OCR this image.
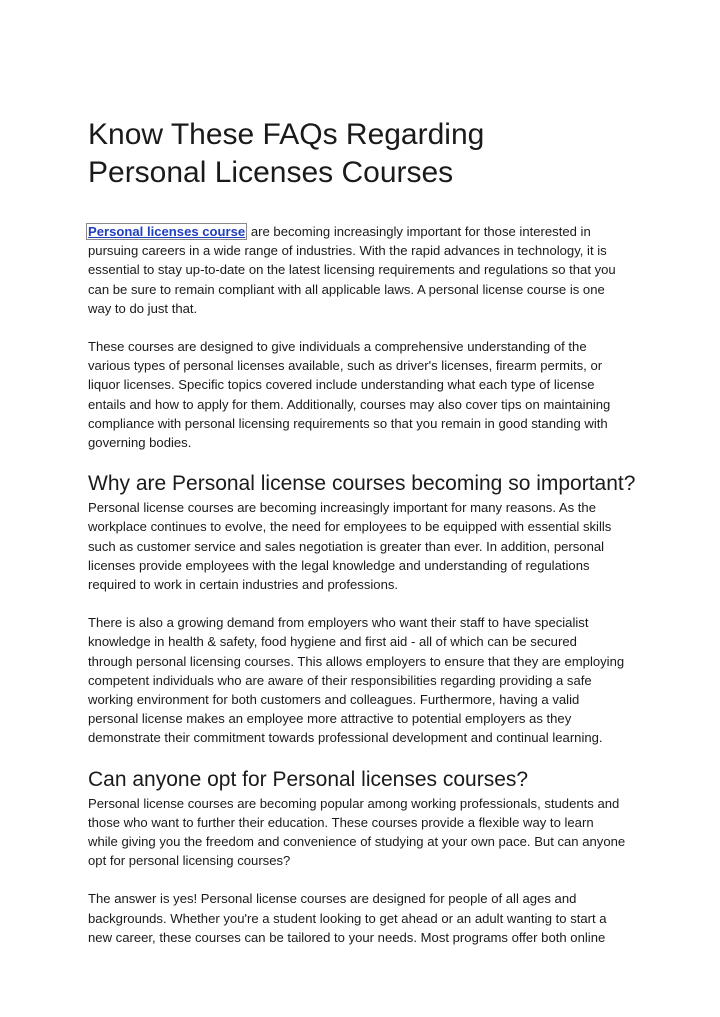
Know These FAQs Regarding
Personal Licenses Courses
Personal licenses course are becoming increasingly important for those interested in
pursuing careers in a wide range of industries. With the rapid advances in technology, it is
essential to stay up-to-date on the latest licensing requirements and regulations so that you
can be sure to remain compliant with all applicable laws. A personal license course is one
way to do just that.
These courses are designed to give individuals a comprehensive understanding of the
various types of personal licenses available, such as driver's licenses, firearm permits, or
liquor licenses. Specific topics covered include understanding what each type of license
entails and how to apply for them. Additionally, courses may also cover tips on maintaining
compliance with personal licensing requirements so that you remain in good standing with
governing bodies.
Why are Personal license courses becoming so important?
Personal license courses are becoming increasingly important for many reasons. As the
workplace continues to evolve, the need for employees to be equipped with essential skills
such as customer service and sales negotiation is greater than ever. In addition, personal
licenses provide employees with the legal knowledge and understanding of regulations
required to work in certain industries and professions.
There is also a growing demand from employers who want their staff to have specialist
knowledge in health & safety, food hygiene and first aid - all of which can be secured
through personal licensing courses. This allows employers to ensure that they are employing
competent individuals who are aware of their responsibilities regarding providing a safe
working environment for both customers and colleagues. Furthermore, having a valid
personal license makes an employee more attractive to potential employers as they
demonstrate their commitment towards professional development and continual learning.
Can anyone opt for Personal licenses courses?
Personal license courses are becoming popular among working professionals, students and
those who want to further their education. These courses provide a flexible way to learn
while giving you the freedom and convenience of studying at your own pace. But can anyone
opt for personal licensing courses?
The answer is yes! Personal license courses are designed for people of all ages and
backgrounds. Whether you're a student looking to get ahead or an adult wanting to start a
new career, these courses can be tailored to your needs. Most programs offer both online
